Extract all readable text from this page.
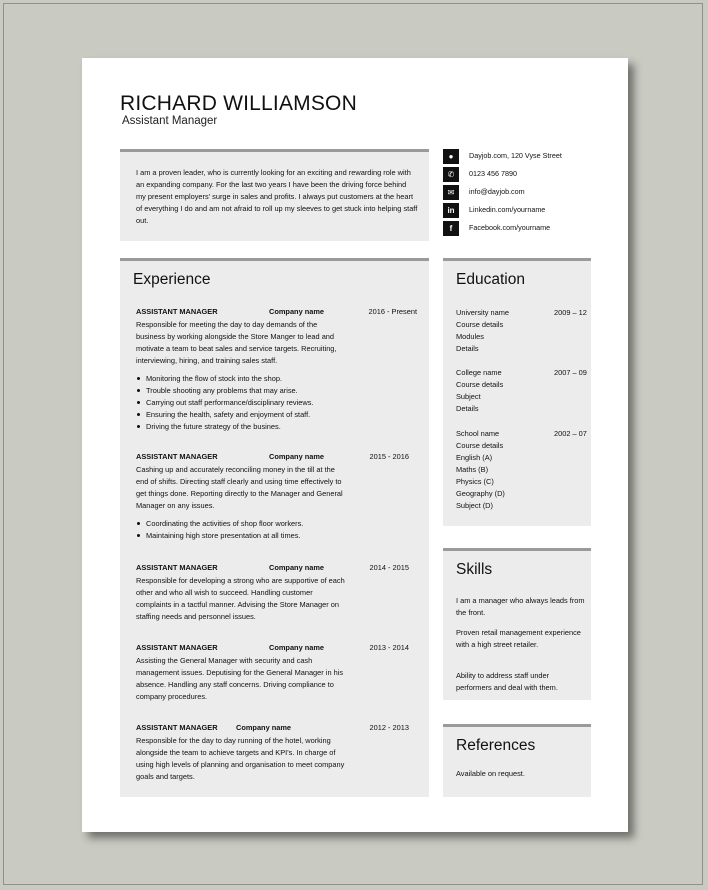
RICHARD WILLIAMSON
Assistant Manager

I am a proven leader, who is currently looking for an exciting and rewarding role with an expanding company. For the last two years I have been the driving force behind my present employers' surge in sales and profits. I always put customers at the heart of everything I do and am not afraid to roll up my sleeves to get stuck into helping staff out.

●	Dayjob.com, 120 Vyse Street
✆	0123 456 7890
✉	info@dayjob.com
in	Linkedin.com/yourname
f	Facebook.com/yourname
Experience
ASSISTANT MANAGER	Company name	2016 - Present

Responsible for meeting the day to day demands of the business by working alongside the Store Manger to lead and motivate a team to beat sales and service targets. Recruiting, interviewing, hiring, and training sales staff.

Monitoring the flow of stock into the shop.
Trouble shooting any problems that may arise.
Carrying out staff performance/disciplinary reviews.
Ensuring the health, safety and enjoyment of staff.
Driving the future strategy of the busines.
ASSISTANT MANAGER	Company name	2015 - 2016

Cashing up and accurately reconciling money in the till at the end of shifts. Directing staff clearly and using time effectively to get things done. Reporting directly to the Manager and General Manager on any issues.

Coordinating the activities of shop floor workers.
Maintaining high store presentation at all times.
ASSISTANT MANAGER	Company name	2014 - 2015

Responsible for developing a strong who are supportive of each other and who all wish to succeed. Handling customer complaints in a tactful manner. Advising the Store Manager on staffing needs and personnel issues.

ASSISTANT MANAGER	Company name	2013 - 2014

Assisting the General Manager with security and cash management issues. Deputising for the General Manager in his absence. Handling any staff concerns. Driving compliance to company procedures.

ASSISTANT MANAGER Company name	2012 - 2013

Responsible for the day to day running of the hotel, working alongside the team to achieve targets and KPI's. In charge of using high levels of planning and organisation to meet company goals and targets.

Education
University name	2009 – 12
Course details
Modules
Details
College name	2007 – 09
Course details
Subject
Details
School name	2002 – 07
Course details
English (A)
Maths (B)
Physics (C)
Geography (D)
Subject (D)
Skills

I am a manager who always leads from the front.

Proven retail management experience with a high street retailer.

Ability to address staff under performers and deal with them.

References

Available on request.
